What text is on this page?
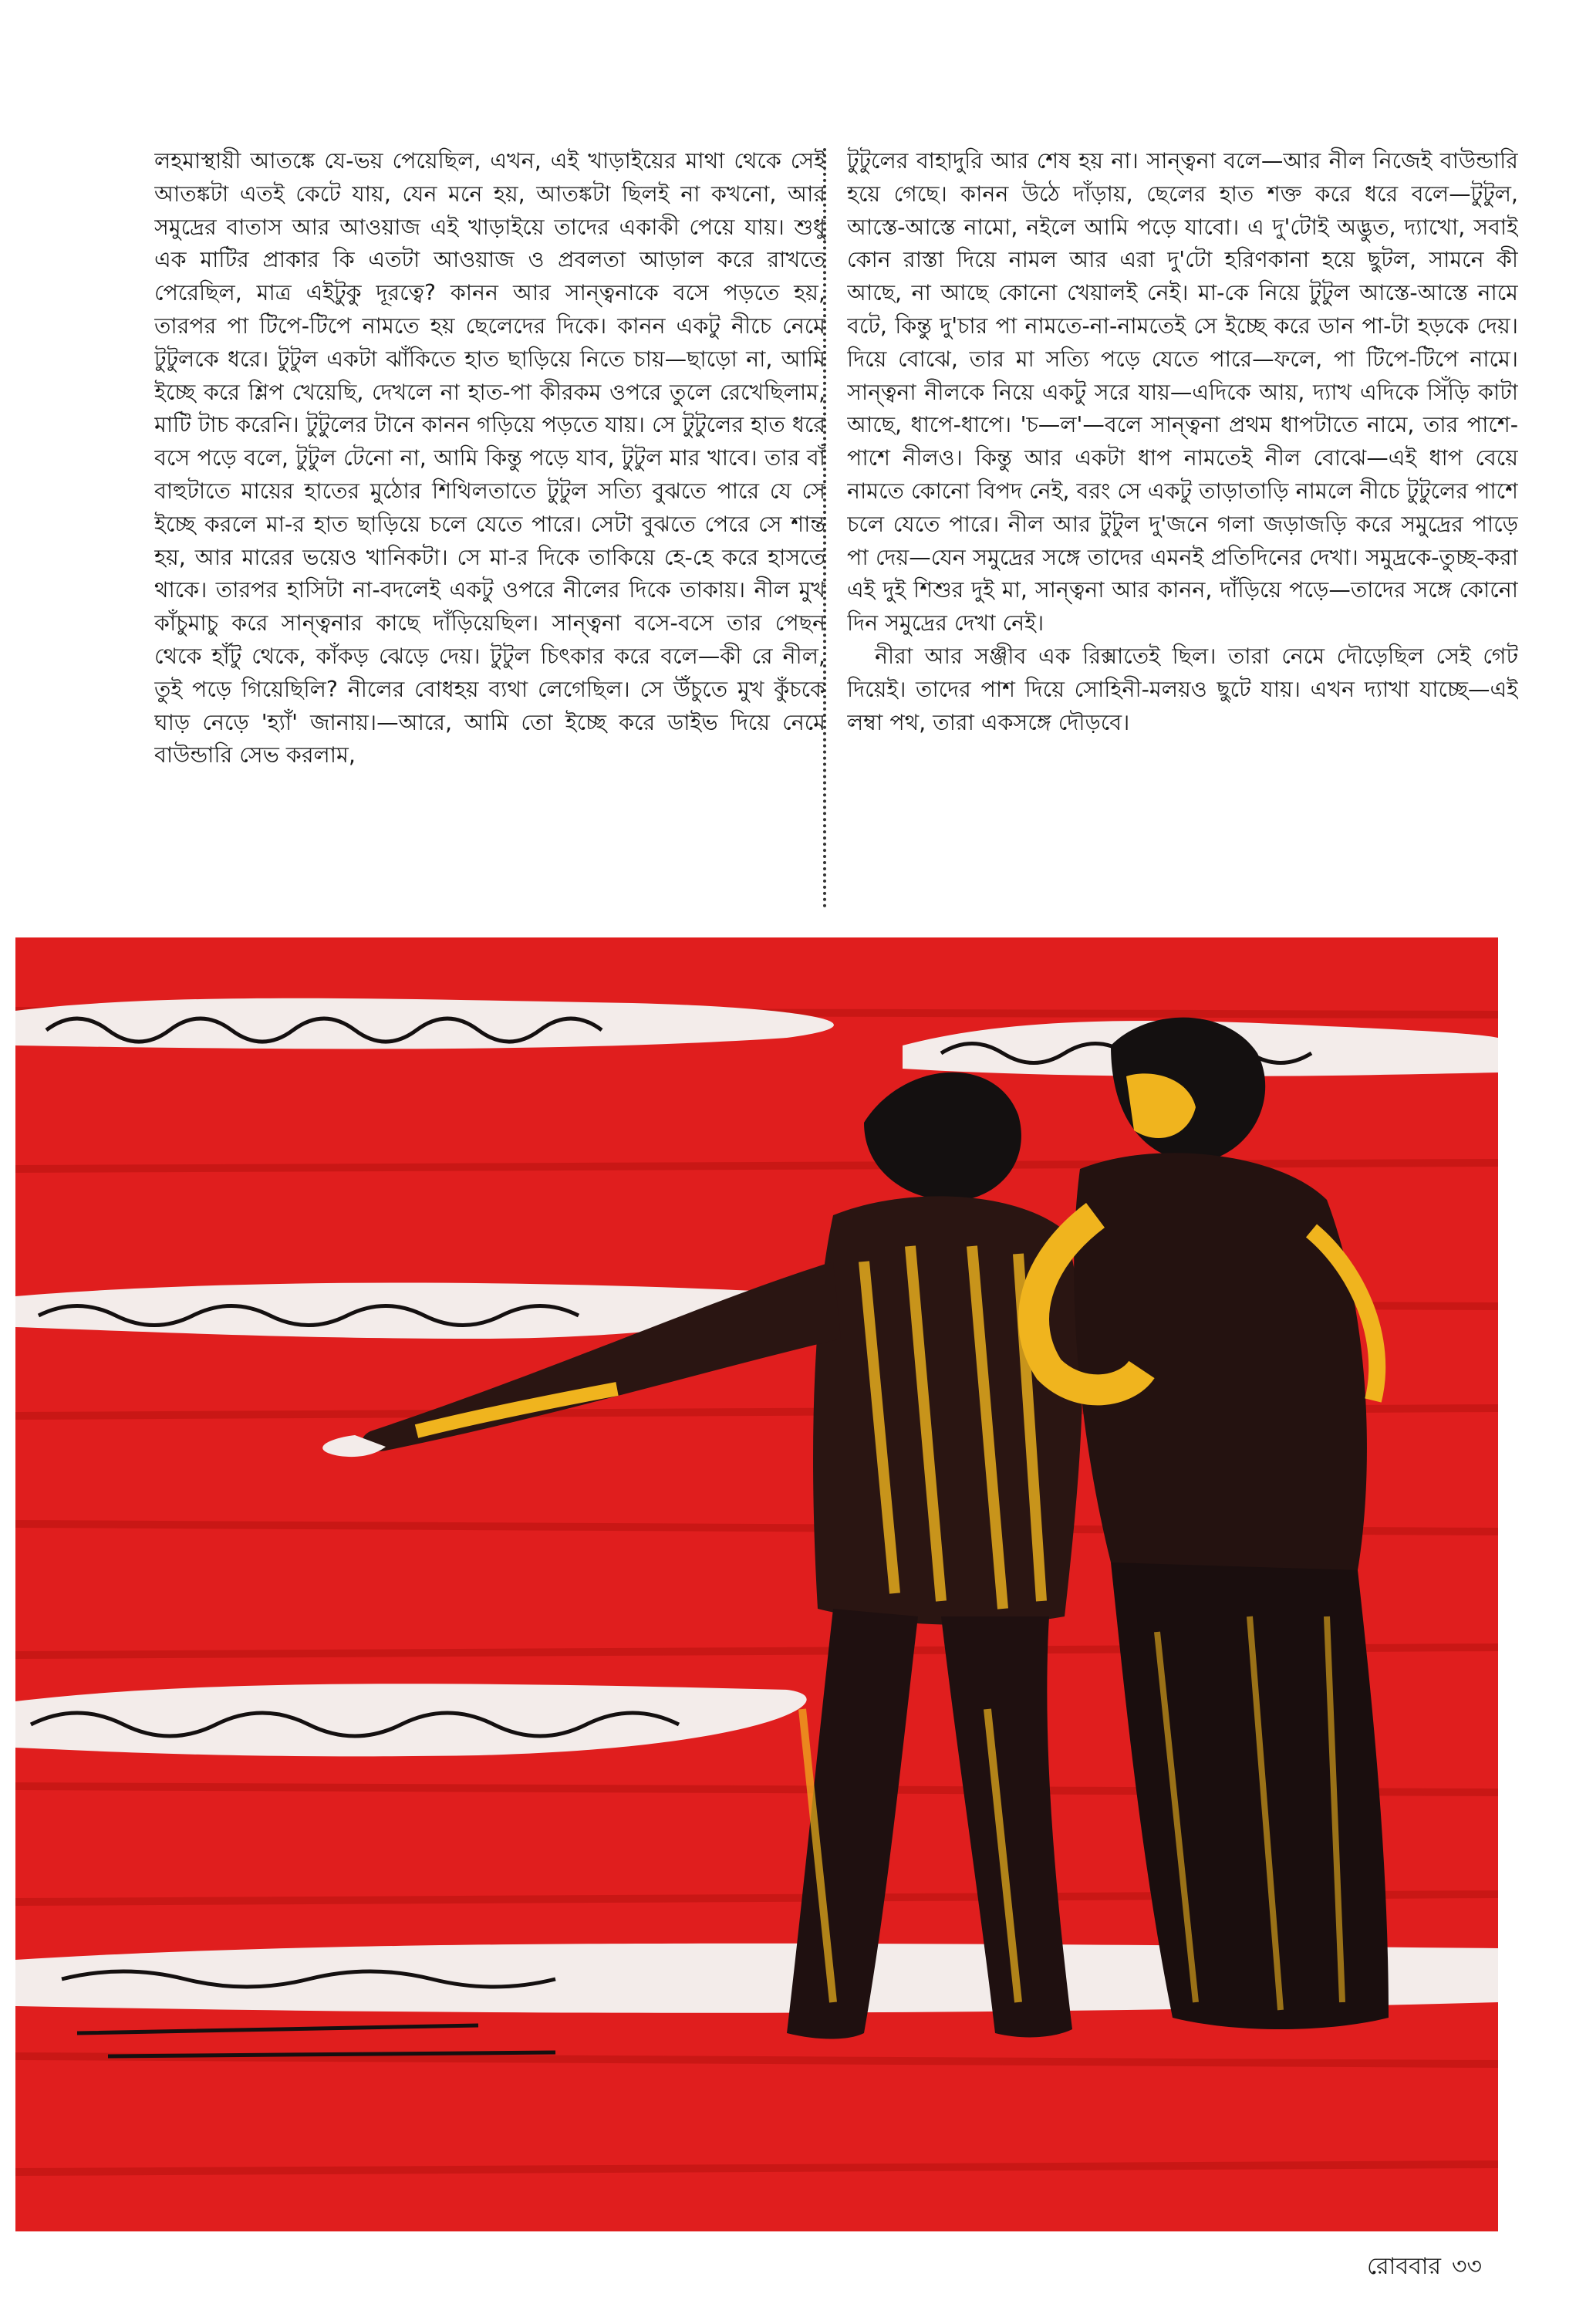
লহমাস্থায়ী আতঙ্কে যে-ভয় পেয়েছিল, এখন, এই খাড়াইয়ের মাথা থেকে সেই আতঙ্কটা এতই কেটে যায়, যেন মনে হয়, আতঙ্কটা ছিলই না কখনো, আর সমুদ্রের বাতাস আর আওয়াজ এই খাড়াইয়ে তাদের একাকী পেয়ে যায়। শুধু এক মাটির প্রাকার কি এতটা আওয়াজ ও প্রবলতা আড়াল করে রাখতে পেরেছিল, মাত্র এইটুকু দূরত্বে? কানন আর সান্ত্বনাকে বসে পড়তে হয়, তারপর পা টিপে-টিপে নামতে হয় ছেলেদের দিকে। কানন একটু নীচে নেমে টুটুলকে ধরে। টুটুল একটা ঝাঁকিতে হাত ছাড়িয়ে নিতে চায়—ছাড়ো না, আমি ইচ্ছে করে শ্লিপ খেয়েছি, দেখলে না হাত-পা কীরকম ওপরে তুলে রেখেছিলাম, মাটি টাচ করেনি। টুটুলের টানে কানন গড়িয়ে পড়তে যায়। সে টুটুলের হাত ধরে বসে পড়ে বলে, টুটুল টেনো না, আমি কিন্তু পড়ে যাব, টুটুল মার খাবে। তার বাঁ বাহুটাতে মায়ের হাতের মুঠোর শিথিলতাতে টুটুল সত্যি বুঝতে পারে যে সে ইচ্ছে করলে মা-র হাত ছাড়িয়ে চলে যেতে পারে। সেটা বুঝতে পেরে সে শান্ত হয়, আর মারের ভয়েও খানিকটা। সে মা-র দিকে তাকিয়ে হে-হে করে হাসতে থাকে। তারপর হাসিটা না-বদলেই একটু ওপরে নীলের দিকে তাকায়। নীল মুখ কাঁচুমাচু করে সান্ত্বনার কাছে দাঁড়িয়েছিল। সান্ত্বনা বসে-বসে তার পেছন থেকে হাঁটু থেকে, কাঁকড় ঝেড়ে দেয়। টুটুল চিৎকার করে বলে—কী রে নীল, তুই পড়ে গিয়েছিলি? নীলের বোধহয় ব্যথা লেগেছিল। সে উঁচুতে মুখ কুঁচকে ঘাড় নেড়ে 'হ্যাঁ' জানায়।—আরে, আমি তো ইচ্ছে করে ডাইভ দিয়ে নেমে বাউন্ডারি সেভ করলাম,

টুটুলের বাহাদুরি আর শেষ হয় না। সান্ত্বনা বলে—আর নীল নিজেই বাউন্ডারি হয়ে গেছে। কানন উঠে দাঁড়ায়, ছেলের হাত শক্ত করে ধরে বলে—টুটুল, আস্তে-আস্তে নামো, নইলে আমি পড়ে যাবো। এ দু'টোই অদ্ভুত, দ্যাখো, সবাই কোন রাস্তা দিয়ে নামল আর এরা দু'টো হরিণকানা হয়ে ছুটল, সামনে কী আছে, না আছে কোনো খেয়ালই নেই। মা-কে নিয়ে টুটুল আস্তে-আস্তে নামে বটে, কিন্তু দু'চার পা নামতে-না-নামতেই সে ইচ্ছে করে ডান পা-টা হড়কে দেয়। দিয়ে বোঝে, তার মা সত্যি পড়ে যেতে পারে—ফলে, পা টিপে-টিপে নামে। সান্ত্বনা নীলকে নিয়ে একটু সরে যায়—এদিকে আয়, দ্যাখ এদিকে সিঁড়ি কাটা আছে, ধাপে-ধাপে। 'চ—ল'—বলে সান্ত্বনা প্রথম ধাপটাতে নামে, তার পাশে-পাশে নীলও। কিন্তু আর একটা ধাপ নামতেই নীল বোঝে—এই ধাপ বেয়ে নামতে কোনো বিপদ নেই, বরং সে একটু তাড়াতাড়ি নামলে নীচে টুটুলের পাশে চলে যেতে পারে। নীল আর টুটুল দু'জনে গলা জড়াজড়ি করে সমুদ্রের পাড়ে পা দেয়—যেন সমুদ্রের সঙ্গে তাদের এমনই প্রতিদিনের দেখা। সমুদ্রকে-তুচ্ছ-করা এই দুই শিশুর দুই মা, সান্ত্বনা আর কানন, দাঁড়িয়ে পড়ে—তাদের সঙ্গে কোনো দিন সমুদ্রের দেখা নেই।

নীরা আর সঞ্জীব এক রিক্সাতেই ছিল। তারা নেমে দৌড়েছিল সেই গেট দিয়েই। তাদের পাশ দিয়ে সোহিনী-মলয়ও ছুটে যায়। এখন দ্যাখা যাচ্ছে—এই লম্বা পথ, তারা একসঙ্গে দৌড়বে।

রোববার ৩৩
